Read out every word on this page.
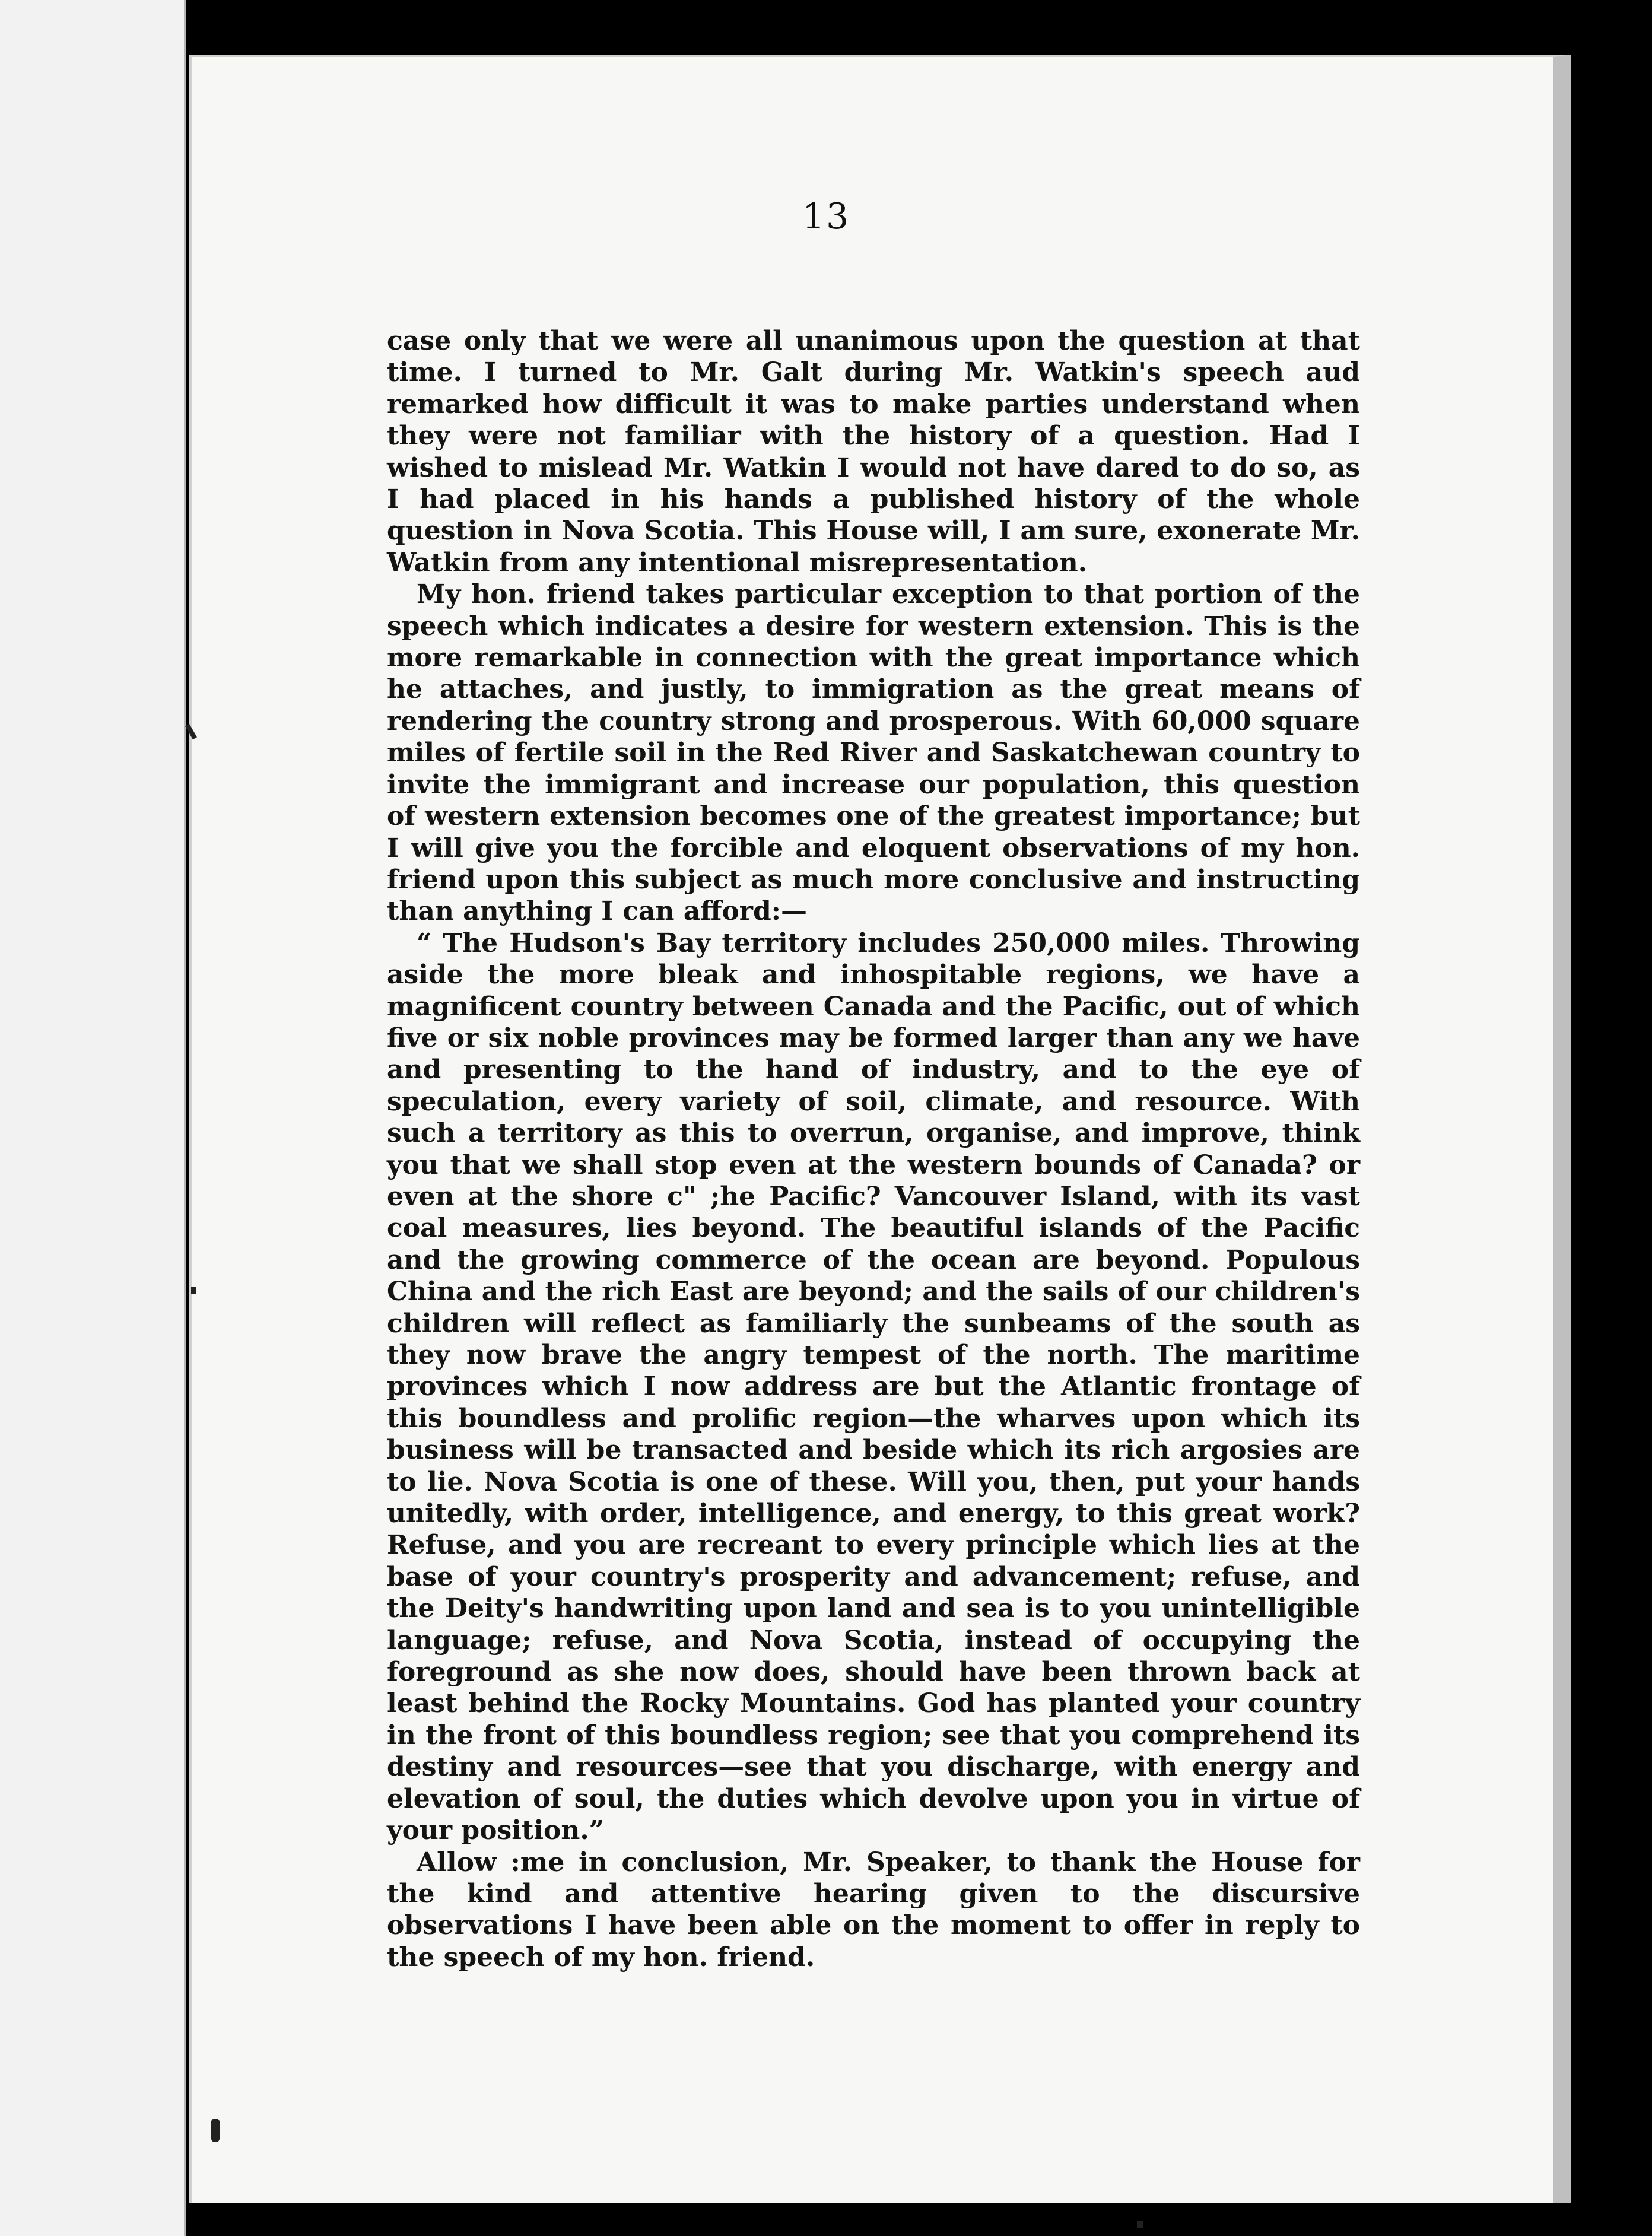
13

case only that we were all unanimous upon the question at that time. I turned to Mr. Galt during Mr. Watkin's speech aud remarked how difficult it was to make parties understand when they were not familiar with the history of a question. Had I wished to mislead Mr. Watkin I would not have dared to do so, as I had placed in his hands a published history of the whole question in Nova Scotia. This House will, I am sure, exonerate Mr. Watkin from any intentional misrepresentation.

My hon. friend takes particular exception to that portion of the speech which indicates a desire for western extension. This is the more remarkable in connection with the great importance which he attaches, and justly, to immigration as the great means of rendering the country strong and prosperous. With 60,000 square miles of fertile soil in the Red River and Saskatchewan country to invite the immigrant and increase our population, this question of western extension becomes one of the greatest importance; but I will give you the forcible and eloquent observations of my hon. friend upon this subject as much more conclusive and instructing than anything I can afford:—

“ The Hudson's Bay territory includes 250,000 miles. Throwing aside the more bleak and inhospitable regions, we have a magnificent country between Canada and the Pacific, out of which five or six noble provinces may be formed larger than any we have and presenting to the hand of industry, and to the eye of speculation, every variety of soil, climate, and resource. With such a territory as this to overrun, organise, and improve, think you that we shall stop even at the western bounds of Canada? or even at the shore c" ;he Pacific? Vancouver Island, with its vast coal measures, lies beyond. The beautiful islands of the Pacific and the growing commerce of the ocean are beyond. Populous China and the rich East are beyond; and the sails of our children's children will reflect as familiarly the sunbeams of the south as they now brave the angry tempest of the north. The maritime provinces which I now address are but the Atlantic frontage of this boundless and prolific region—the wharves upon which its business will be transacted and beside which its rich argosies are to lie. Nova Scotia is one of these. Will you, then, put your hands unitedly, with order, intelligence, and energy, to this great work? Refuse, and you are recreant to every principle which lies at the base of your country's prosperity and advancement; refuse, and the Deity's handwriting upon land and sea is to you unintelligible language; refuse, and Nova Scotia, instead of occupying the foreground as she now does, should have been thrown back at least behind the Rocky Mountains. God has planted your country in the front of this boundless region; see that you comprehend its destiny and resources—see that you discharge, with energy and elevation of soul, the duties which devolve upon you in virtue of your position.”

Allow :me in conclusion, Mr. Speaker, to thank the House for the kind and attentive hearing given to the discursive observations I have been able on the moment to offer in reply to the speech of my hon. friend.
